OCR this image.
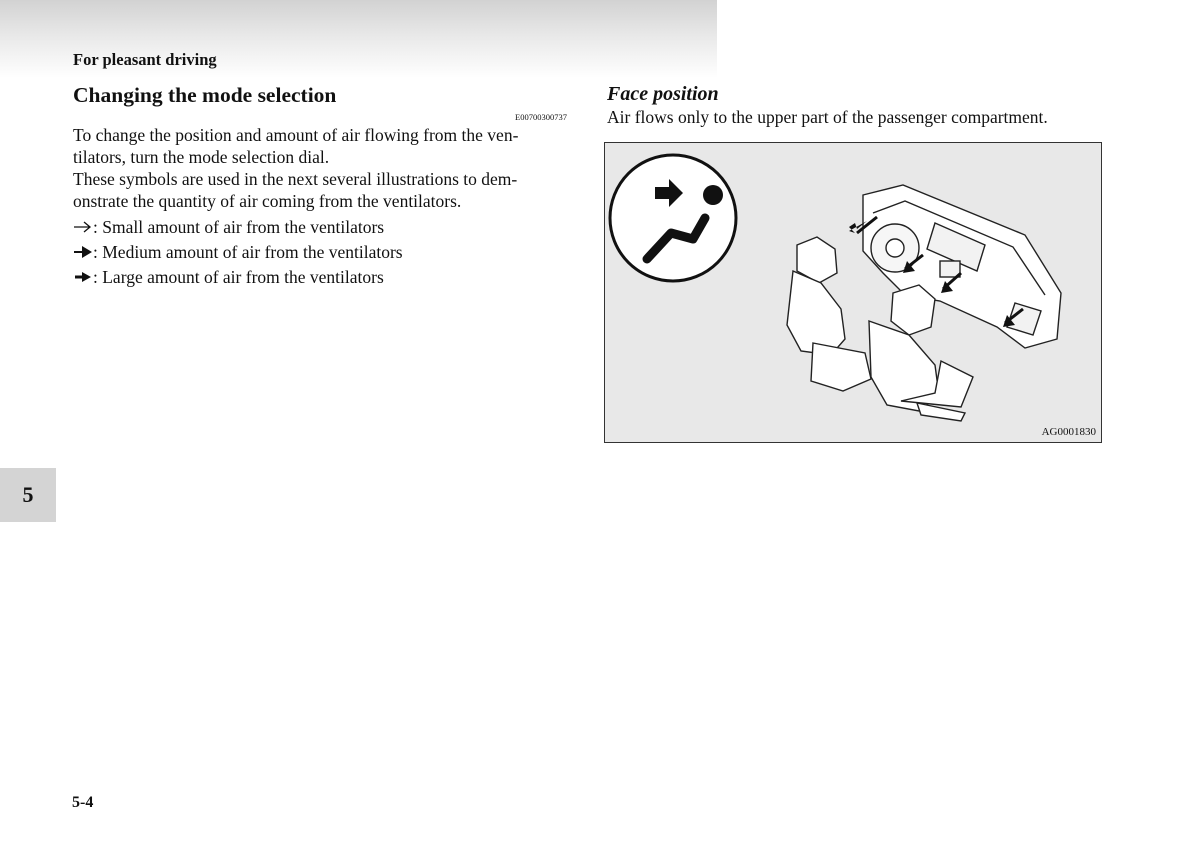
For pleasant driving
Changing the mode selection
E00700300737

To change the position and amount of air flowing from the ven-tilators, turn the mode selection dial.

These symbols are used in the next several illustrations to dem-onstrate the quantity of air coming from the ventilators.

: Small amount of air from the ventilators
: Medium amount of air from the ventilators
: Large amount of air from the ventilators
Face position
Air flows only to the upper part of the passenger compartment.
AG0001830
5
5-4
